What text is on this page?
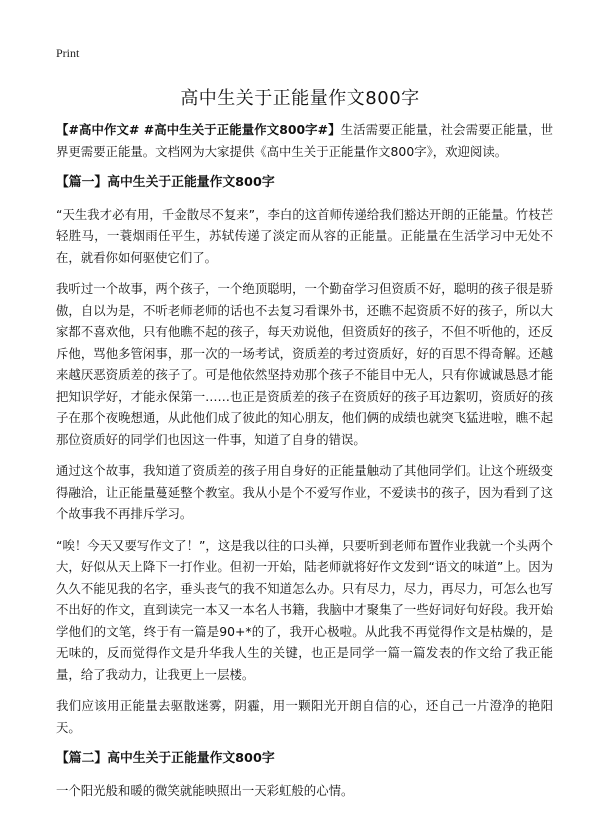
Print
高中生关于正能量作文800字

【#高中作文# #高中生关于正能量作文800字#】生活需要正能量，社会需要正能量，世界更需要正能量。文档网为大家提供《高中生关于正能量作文800字》，欢迎阅读。

【篇一】高中生关于正能量作文800字

“天生我才必有用，千金散尽不复来”，李白的这首师传递给我们豁达开朗的正能量。竹枝芒轻胜马，一蓑烟雨任平生，苏轼传递了淡定而从容的正能量。正能量在生活学习中无处不在，就看你如何驱使它们了。

我听过一个故事，两个孩子，一个绝顶聪明，一个勤奋学习但资质不好，聪明的孩子很是骄傲，自以为是，不听老师老师的话也不去复习看课外书，还瞧不起资质不好的孩子，所以大家都不喜欢他，只有他瞧不起的孩子，每天劝说他，但资质好的孩子，不但不听他的，还反斥他，骂他多管闲事，那一次的一场考试，资质差的考过资质好，好的百思不得奇解。还越来越厌恶资质差的孩子了。可是他依然坚持劝那个孩子不能目中无人，只有你诚诚恳恳才能把知识学好，才能永保第一……也正是资质差的孩子在资质好的孩子耳边絮叨，资质好的孩子在那个夜晚想通，从此他们成了彼此的知心朋友，他们俩的成绩也就突飞猛进啦，瞧不起那位资质好的同学们也因这一件事，知道了自身的错误。

通过这个故事，我知道了资质差的孩子用自身好的正能量触动了其他同学们。让这个班级变得融洽，让正能量蔓延整个教室。我从小是个不爱写作业，不爱读书的孩子，因为看到了这个故事我不再排斥学习。

“唉！今天又要写作文了！”，这是我以往的口头禅，只要听到老师布置作业我就一个头两个大，好似从天上降下一打作业。但初一开始，陆老师就将好作文发到“语文的味道”上。因为久久不能见我的名字，垂头丧气的我不知道怎么办。只有尽力，尽力，再尽力，可怎么也写不出好的作文，直到读完一本又一本名人书籍，我脑中才聚集了一些好词好句好段。我开始学他们的文笔，终于有一篇是90+*的了，我开心极啦。从此我不再觉得作文是枯燥的，是无味的，反而觉得作文是升华我人生的关键，也正是同学一篇一篇发表的作文给了我正能量，给了我动力，让我更上一层楼。

我们应该用正能量去驱散迷雾，阴霾，用一颗阳光开朗自信的心，还自己一片澄净的艳阳天。

【篇二】高中生关于正能量作文800字

一个阳光般和暖的微笑就能映照出一天彩虹般的心情。
